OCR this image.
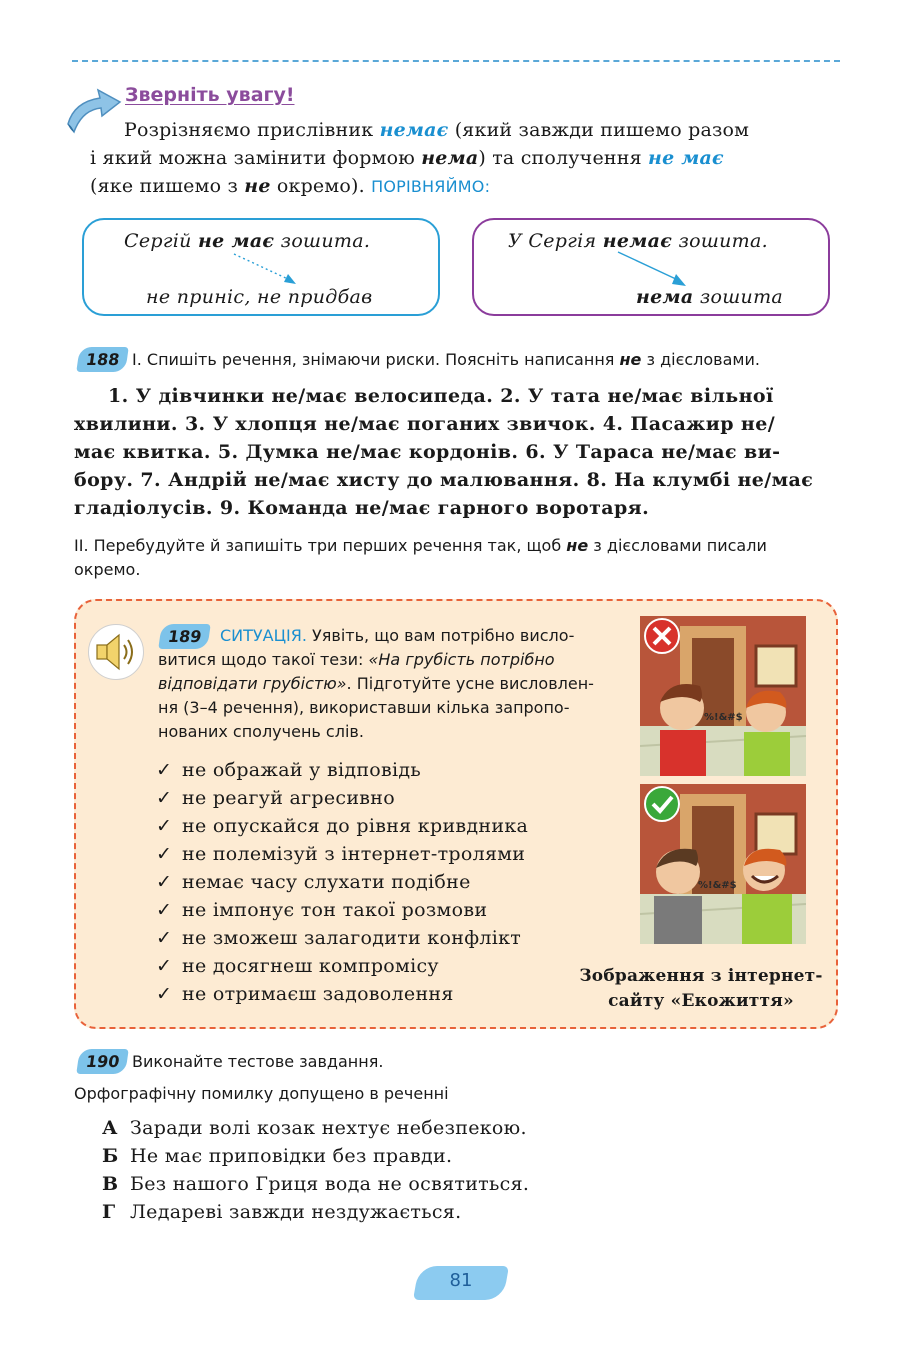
Зверніть увагу!
Розрізняємо прислівник немає (який завжди пишемо разом
і який можна замінити формою нема) та сполучення не має
(яке пишемо з не окремо). ПОРІВНЯЙМО:
Сергій не має зошита.
не приніс, не придбав
У Сергія немає зошита.
нема зошита
188 І. Спишіть речення, знімаючи риски. Поясніть написання не з дієсловами.
1. У дівчинки не/має велосипеда. 2. У тата не/має вільної
хвилини. 3. У хлопця не/має поганих звичок. 4. Пасажир не/
має квитка. 5. Думка не/має кордонів. 6. У Тараса не/має ви-
бору. 7. Андрій не/має хисту до малювання. 8. На клумбі не/має
гладіолусів. 9. Команда не/має гарного воротаря.
ІІ. Перебудуйте й запишіть три перших речення так, щоб не з дієсловами писали
окремо.
189	СИТУАЦІЯ. Уявіть, що вам потрібно висло-
витися щодо такої тези: «На грубість потрібно
відповідати грубістю». Підготуйте усне висловлен-
ня (3–4 речення), використавши кілька запропо-
нованих сполучень слів.
✓ не ображай у відповідь
✓ не реагуй агресивно
✓ не опускайся до рівня кривдника
✓ не полемізуй з інтернет-тролями
✓ немає часу слухати подібне
✓ не імпонує тон такої розмови
✓ не зможеш залагодити конфлікт
✓ не досягнеш компромісу
✓ не отримаєш задоволення
%!&#$
%!&#$
Зображення з інтернет-
сайту «Екожиття»
190 Виконайте тестове завдання.
Орфографічну помилку допущено в реченні
А Заради волі козак нехтує небезпекою.
Б Не має приповідки без правди.
В Без нашого Гриця вода не освятиться.
Г Ледареві завжди нездужається.
81
